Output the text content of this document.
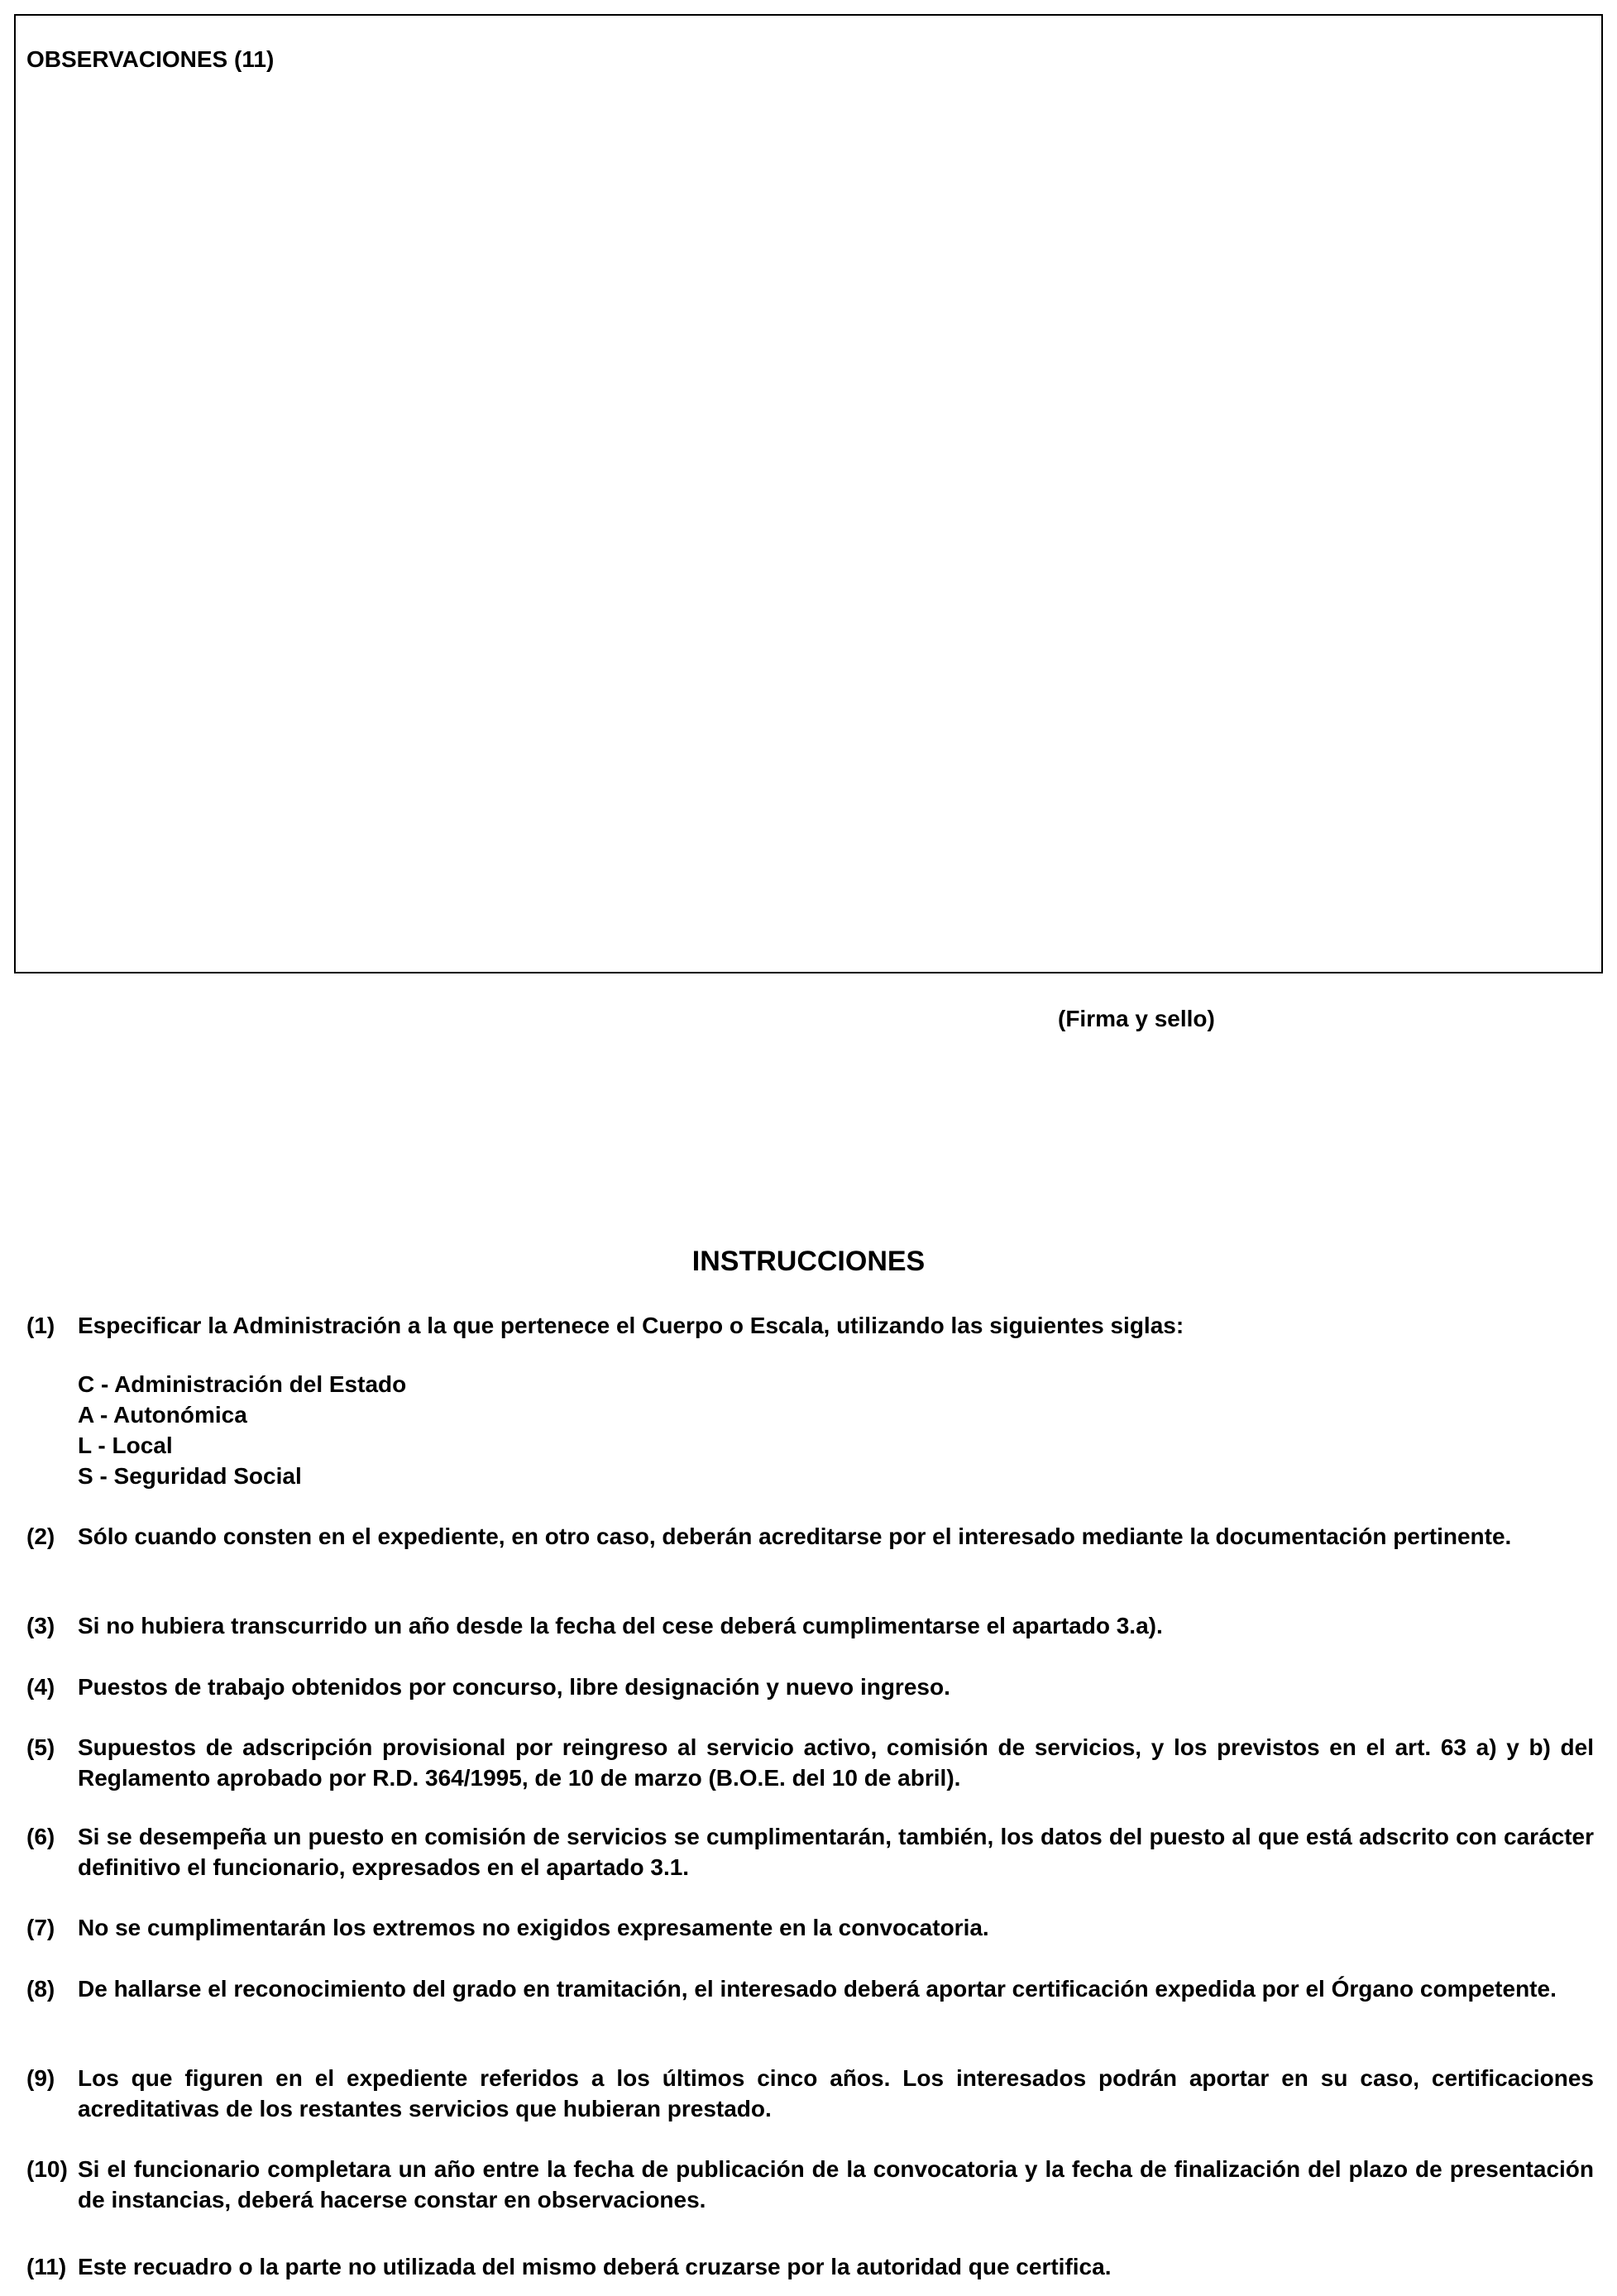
OBSERVACIONES (11)
(Firma y sello)
INSTRUCCIONES
(1) Especificar la Administración a la que pertenece el Cuerpo o Escala, utilizando las siguientes siglas:
C - Administración del Estado
A - Autonómica
L - Local
S - Seguridad Social
(2) Sólo cuando consten en el expediente, en otro caso, deberán acreditarse por el interesado mediante la documentación pertinente.
(3) Si no hubiera transcurrido un año desde la fecha del cese deberá cumplimentarse el apartado 3.a).
(4) Puestos de trabajo obtenidos por concurso, libre designación y nuevo ingreso.
(5) Supuestos de adscripción provisional por reingreso al servicio activo, comisión de servicios, y los previstos en el art. 63 a) y b) del Reglamento aprobado por R.D. 364/1995, de 10 de marzo (B.O.E. del 10 de abril).
(6) Si se desempeña un puesto en comisión de servicios se cumplimentarán, también, los datos del puesto al que está adscrito con carácter definitivo el funcionario, expresados en el apartado 3.1.
(7) No se cumplimentarán los extremos no exigidos expresamente en la convocatoria.
(8) De hallarse el reconocimiento del grado en tramitación, el interesado deberá aportar certificación expedida por el Órgano competente.
(9) Los que figuren en el expediente referidos a los últimos cinco años. Los interesados podrán aportar en su caso, certificaciones acreditativas de los restantes servicios que hubieran prestado.
(10) Si el funcionario completara un año entre la fecha de publicación de la convocatoria y la fecha de finalización del plazo de presentación de instancias, deberá hacerse constar en observaciones.
(11) Este recuadro o la parte no utilizada del mismo deberá cruzarse por la autoridad que certifica.
